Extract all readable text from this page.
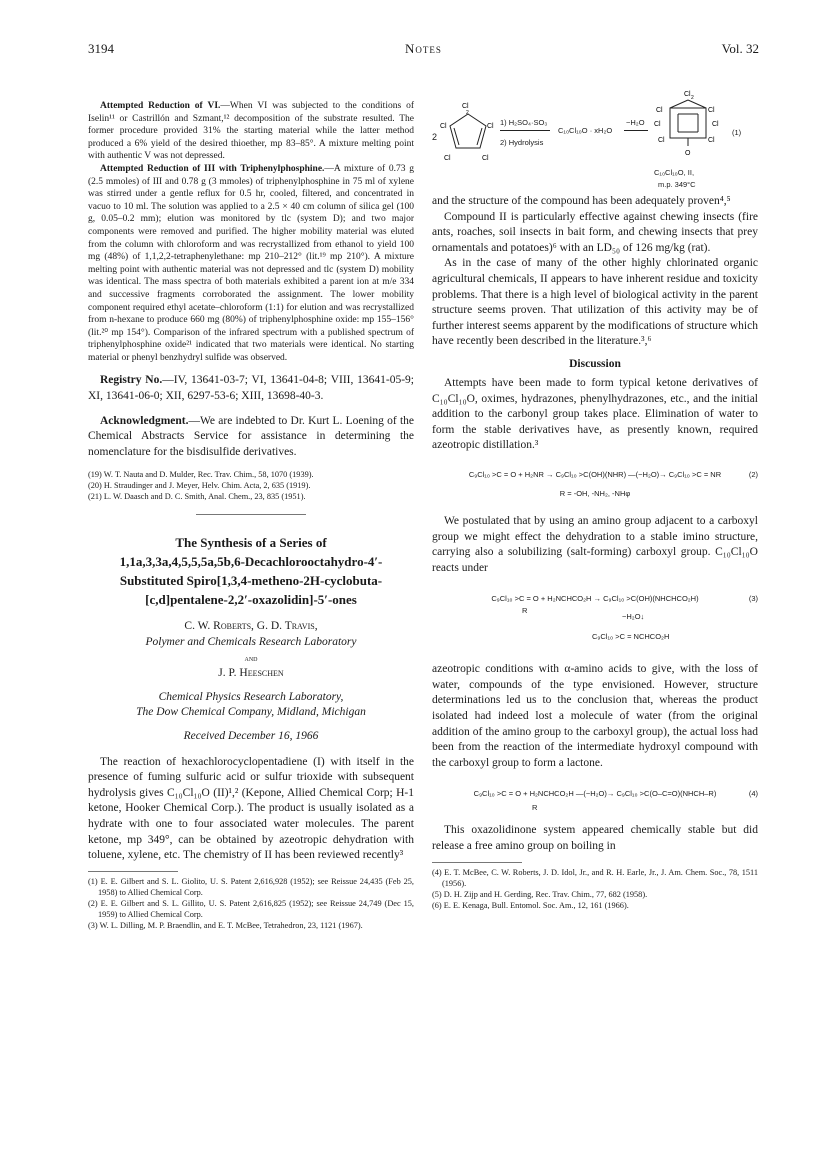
3194	Notes	Vol. 32

Attempted Reduction of VI.—When VI was subjected to the conditions of Iselin¹¹ or Castrillón and Szmant,¹² decomposition of the substrate resulted. The former procedure provided 31% the starting material while the latter method produced a 6% yield of the desired thioether, mp 83–85°. A mixture melting point with authentic V was not depressed.

Attempted Reduction of III with Triphenylphosphine.—A mixture of 0.73 g (2.5 mmoles) of III and 0.78 g (3 mmoles) of triphenylphosphine in 75 ml of xylene was stirred under a gentle reflux for 0.5 hr, cooled, filtered, and concentrated in vacuo to 10 ml. The solution was applied to a 2.5 × 40 cm column of silica gel (100 g, 0.05–0.2 mm); elution was monitored by tlc (system D); and two major components were removed and purified. The higher mobility material was eluted from the column with chloroform and was recrystallized from ethanol to yield 100 mg (48%) of 1,1,2,2-tetraphenylethane: mp 210–212° (lit.¹⁹ mp 210°). A mixture melting point with authentic material was not depressed and tlc (system D) mobility was identical. The mass spectra of both materials exhibited a parent ion at m/e 334 and successive fragments corroborated the assignment. The lower mobility component required ethyl acetate–chloroform (1:1) for elution and was recrystallized from n-hexane to produce 660 mg (80%) of triphenylphosphine oxide: mp 155–156° (lit.²⁰ mp 154°). Comparison of the infrared spectrum with a published spectrum of triphenylphosphine oxide²¹ indicated that two materials were identical. No starting material or phenyl benzhydryl sulfide was observed.

Registry No.—IV, 13641-03-7; VI, 13641-04-8; VIII, 13641-05-9; XI, 13641-06-0; XII, 6297-53-6; XIII, 13698-40-3.

Acknowledgment.—We are indebted to Dr. Kurt L. Loening of the Chemical Abstracts Service for assistance in determining the nomenclature for the bisdisulfide derivatives.

(19) W. T. Nauta and D. Mulder, Rec. Trav. Chim., 58, 1070 (1939).

(20) H. Straudinger and J. Meyer, Helv. Chim. Acta, 2, 635 (1919).

(21) L. W. Daasch and D. C. Smith, Anal. Chem., 23, 835 (1951).

The Synthesis of a Series of
1,1a,3,3a,4,5,5,5a,5b,6-Decachlorooctahydro-4′-
Substituted Spiro[1,3,4-metheno-2H-cyclobuta-
[c,d]pentalene-2,2′-oxazolidin]-5′-ones
C. W. Roberts, G. D. Travis,
Polymer and Chemicals Research Laboratory
and
J. P. Heeschen
Chemical Physics Research Laboratory,
The Dow Chemical Company, Midland, Michigan
Received December 16, 1966

The reaction of hexachlorocyclopentadiene (I) with itself in the presence of fuming sulfuric acid or sulfur trioxide with subsequent hydrolysis gives C₁₀Cl₁₀O (II)¹,² (Kepone, Allied Chemical Corp; H-1 ketone, Hooker Chemical Corp.). The product is usually isolated as a hydrate with one to four associated water molecules. The parent ketone, mp 349°, can be obtained by azeotropic dehydration with toluene, xylene, etc. The chemistry of II has been reviewed recently³

(1) E. E. Gilbert and S. L. Giolito, U. S. Patent 2,616,928 (1952); see Reissue 24,435 (Feb 25, 1958) to Allied Chemical Corp.

(2) E. E. Gilbert and S. L. Gillito, U. S. Patent 2,616,825 (1952); see Reissue 24,749 (Dec 15, 1959) to Allied Chemical Corp.

(3) W. L. Dilling, M. P. Braendlin, and E. T. McBee, Tetrahedron, 23, 1121 (1967).

2
Cl
2
Cl	Cl
Cl	Cl
1) H₂SO₄·SO₃
2) Hydrolysis
C₁₀Cl₁₀O · xH₂O
−H₂O
Cl 2
O
Cl	Cl
Cl	Cl
Cl	Cl
(1)
C₁₀Cl₁₀O, II,
m.p. 349°C

and the structure of the compound has been adequately proven⁴,⁵

Compound II is particularly effective against chewing insects (fire ants, roaches, soil insects in bait form, and chewing insects that prey ornamentals and potatoes)⁶ with an LD₅₀ of 126 mg/kg (rat).

As in the case of many of the other highly chlorinated organic agricultural chemicals, II appears to have inherent residue and toxicity problems. That there is a high level of biological activity in the parent structure seems proven. That utilization of this activity may be of further interest seems apparent by the modifications of structure which have recently been described in the literature.³,⁶

Discussion

Attempts have been made to form typical ketone derivatives of C₁₀Cl₁₀O, oximes, hydrazones, phenylhydrazones, etc., and the initial addition to the carbonyl group takes place. Elimination of water to form the stable derivatives have, as presently known, required azeotropic distillation.³

C₉Cl₁₀ >C = O + H₂NR → C₉Cl₁₀ >C(OH)(NHR) —(−H₂O)→ C₉Cl₁₀ >C = NR	(2)
R = -OH, -NH₂, -NHφ

We postulated that by using an amino group adjacent to a carboxyl group we might effect the dehydration to a stable imino structure, carrying also a solubilizing (salt-forming) carboxyl group. C₁₀Cl₁₀O reacts under

C₉Cl₁₀ >C = O + H₂NCHCO₂H → C₉Cl₁₀ >C(OH)(NHCHCO₂H)	(3)
R
−H₂O↓
C₉Cl₁₀ >C = NCHCO₂H

azeotropic conditions with α-amino acids to give, with the loss of water, compounds of the type envisioned. However, structure determinations led us to the conclusion that, whereas the product isolated had indeed lost a molecule of water (from the original addition of the amino group to the carboxyl group), the actual loss had been from the reaction of the intermediate hydroxyl compound with the carboxyl group to form a lactone.

C₉Cl₁₀ >C = O + H₂NCHCO₂H —(−H₂O)→ C₉Cl₁₀ >C(O–C=O)(NHCH–R)	(4)
R

This oxazolidinone system appeared chemically stable but did release a free amino group on boiling in

(4) E. T. McBee, C. W. Roberts, J. D. Idol, Jr., and R. H. Earle, Jr., J. Am. Chem. Soc., 78, 1511 (1956).

(5) D. H. Zijp and H. Gerding, Rec. Trav. Chim., 77, 682 (1958).

(6) E. E. Kenaga, Bull. Entomol. Soc. Am., 12, 161 (1966).
